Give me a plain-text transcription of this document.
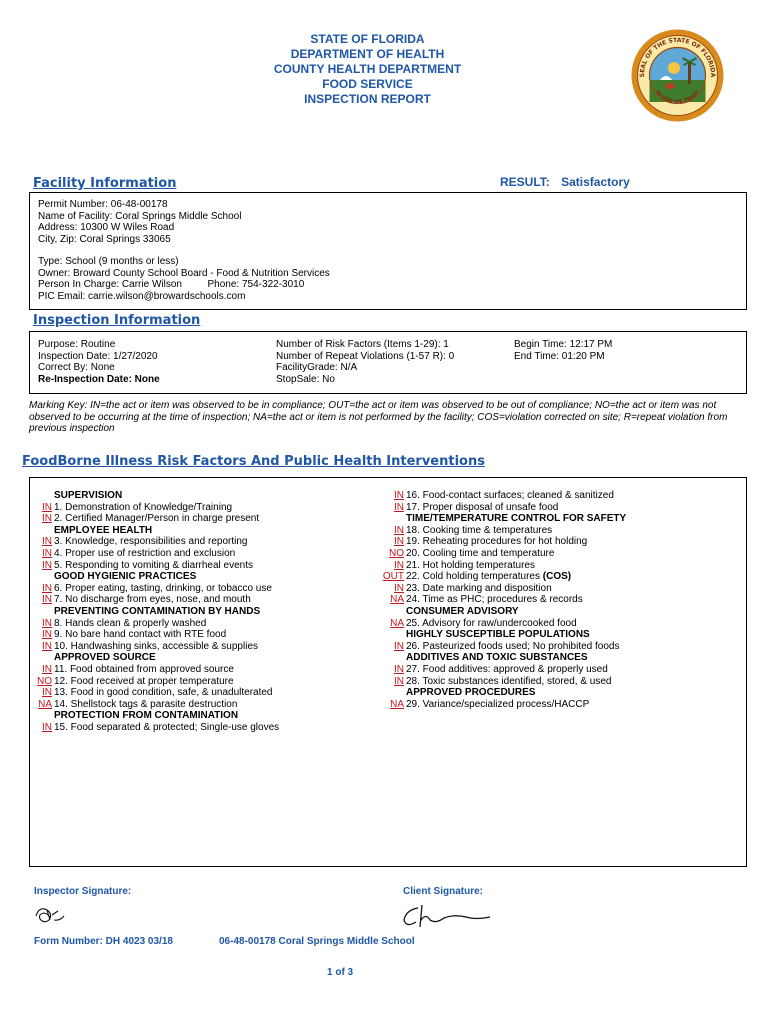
STATE OF FLORIDA
DEPARTMENT OF HEALTH
COUNTY HEALTH DEPARTMENT
FOOD SERVICE
INSPECTION REPORT
SEAL OF THE STATE OF FLORIDA
IN GOD WE TRUST
Facility Information	RESULT: Satisfactory
Permit Number: 06-48-00178
Name of Facility: Coral Springs Middle School
Address: 10300 W Wiles Road
City, Zip: Coral Springs 33065
Type: School (9 months or less)
Owner: Broward County School Board - Food & Nutrition Services
Person In Charge: Carrie Wilson	Phone: 754-322-3010
PIC Email: carrie.wilson@browardschools.com
Inspection Information
Purpose: Routine
Inspection Date: 1/27/2020
Correct By: None
Re-Inspection Date: None
Number of Risk Factors (Items 1-29): 1
Number of Repeat Violations (1-57 R): 0
FacilityGrade: N/A
StopSale: No
Begin Time: 12:17 PM
End Time: 01:20 PM
Marking Key: IN=the act or item was observed to be in compliance; OUT=the act or item was observed to be out of compliance; NO=the act or item was not observed to be occurring at the time of inspection; NA=the act or item is not performed by the facility; COS=violation corrected on site; R=repeat violation from previous inspection
FoodBorne Illness Risk Factors And Public Health Interventions
SUPERVISION
IN 1. Demonstration of Knowledge/Training
IN 2. Certified Manager/Person in charge present
EMPLOYEE HEALTH
IN 3. Knowledge, responsibilities and reporting
IN 4. Proper use of restriction and exclusion
IN 5. Responding to vomiting & diarrheal events
GOOD HYGIENIC PRACTICES
IN 6. Proper eating, tasting, drinking, or tobacco use
IN 7. No discharge from eyes, nose, and mouth
PREVENTING CONTAMINATION BY HANDS
IN 8. Hands clean & properly washed
IN 9. No bare hand contact with RTE food
IN 10. Handwashing sinks, accessible & supplies
APPROVED SOURCE
IN 11. Food obtained from approved source
NO 12. Food received at proper temperature
IN 13. Food in good condition, safe, & unadulterated
NA 14. Shellstock tags & parasite destruction
PROTECTION FROM CONTAMINATION
IN 15. Food separated & protected; Single-use gloves
IN 16. Food-contact surfaces; cleaned & sanitized
IN 17. Proper disposal of unsafe food
TIME/TEMPERATURE CONTROL FOR SAFETY
IN 18. Cooking time & temperatures
IN 19. Reheating procedures for hot holding
NO 20. Cooling time and temperature
IN 21. Hot holding temperatures
OUT 22. Cold holding temperatures (COS)
IN 23. Date marking and disposition
NA 24. Time as PHC; procedures & records
CONSUMER ADVISORY
NA 25. Advisory for raw/undercooked food
HIGHLY SUSCEPTIBLE POPULATIONS
IN 26. Pasteurized foods used; No prohibited foods
ADDITIVES AND TOXIC SUBSTANCES
IN 27. Food additives: approved & properly used
IN 28. Toxic substances identified, stored, & used
APPROVED PROCEDURES
NA 29. Variance/specialized process/HACCP
Inspector Signature:	Client Signature:
Form Number: DH 4023 03/18	06-48-00178 Coral Springs Middle School
1 of 3
